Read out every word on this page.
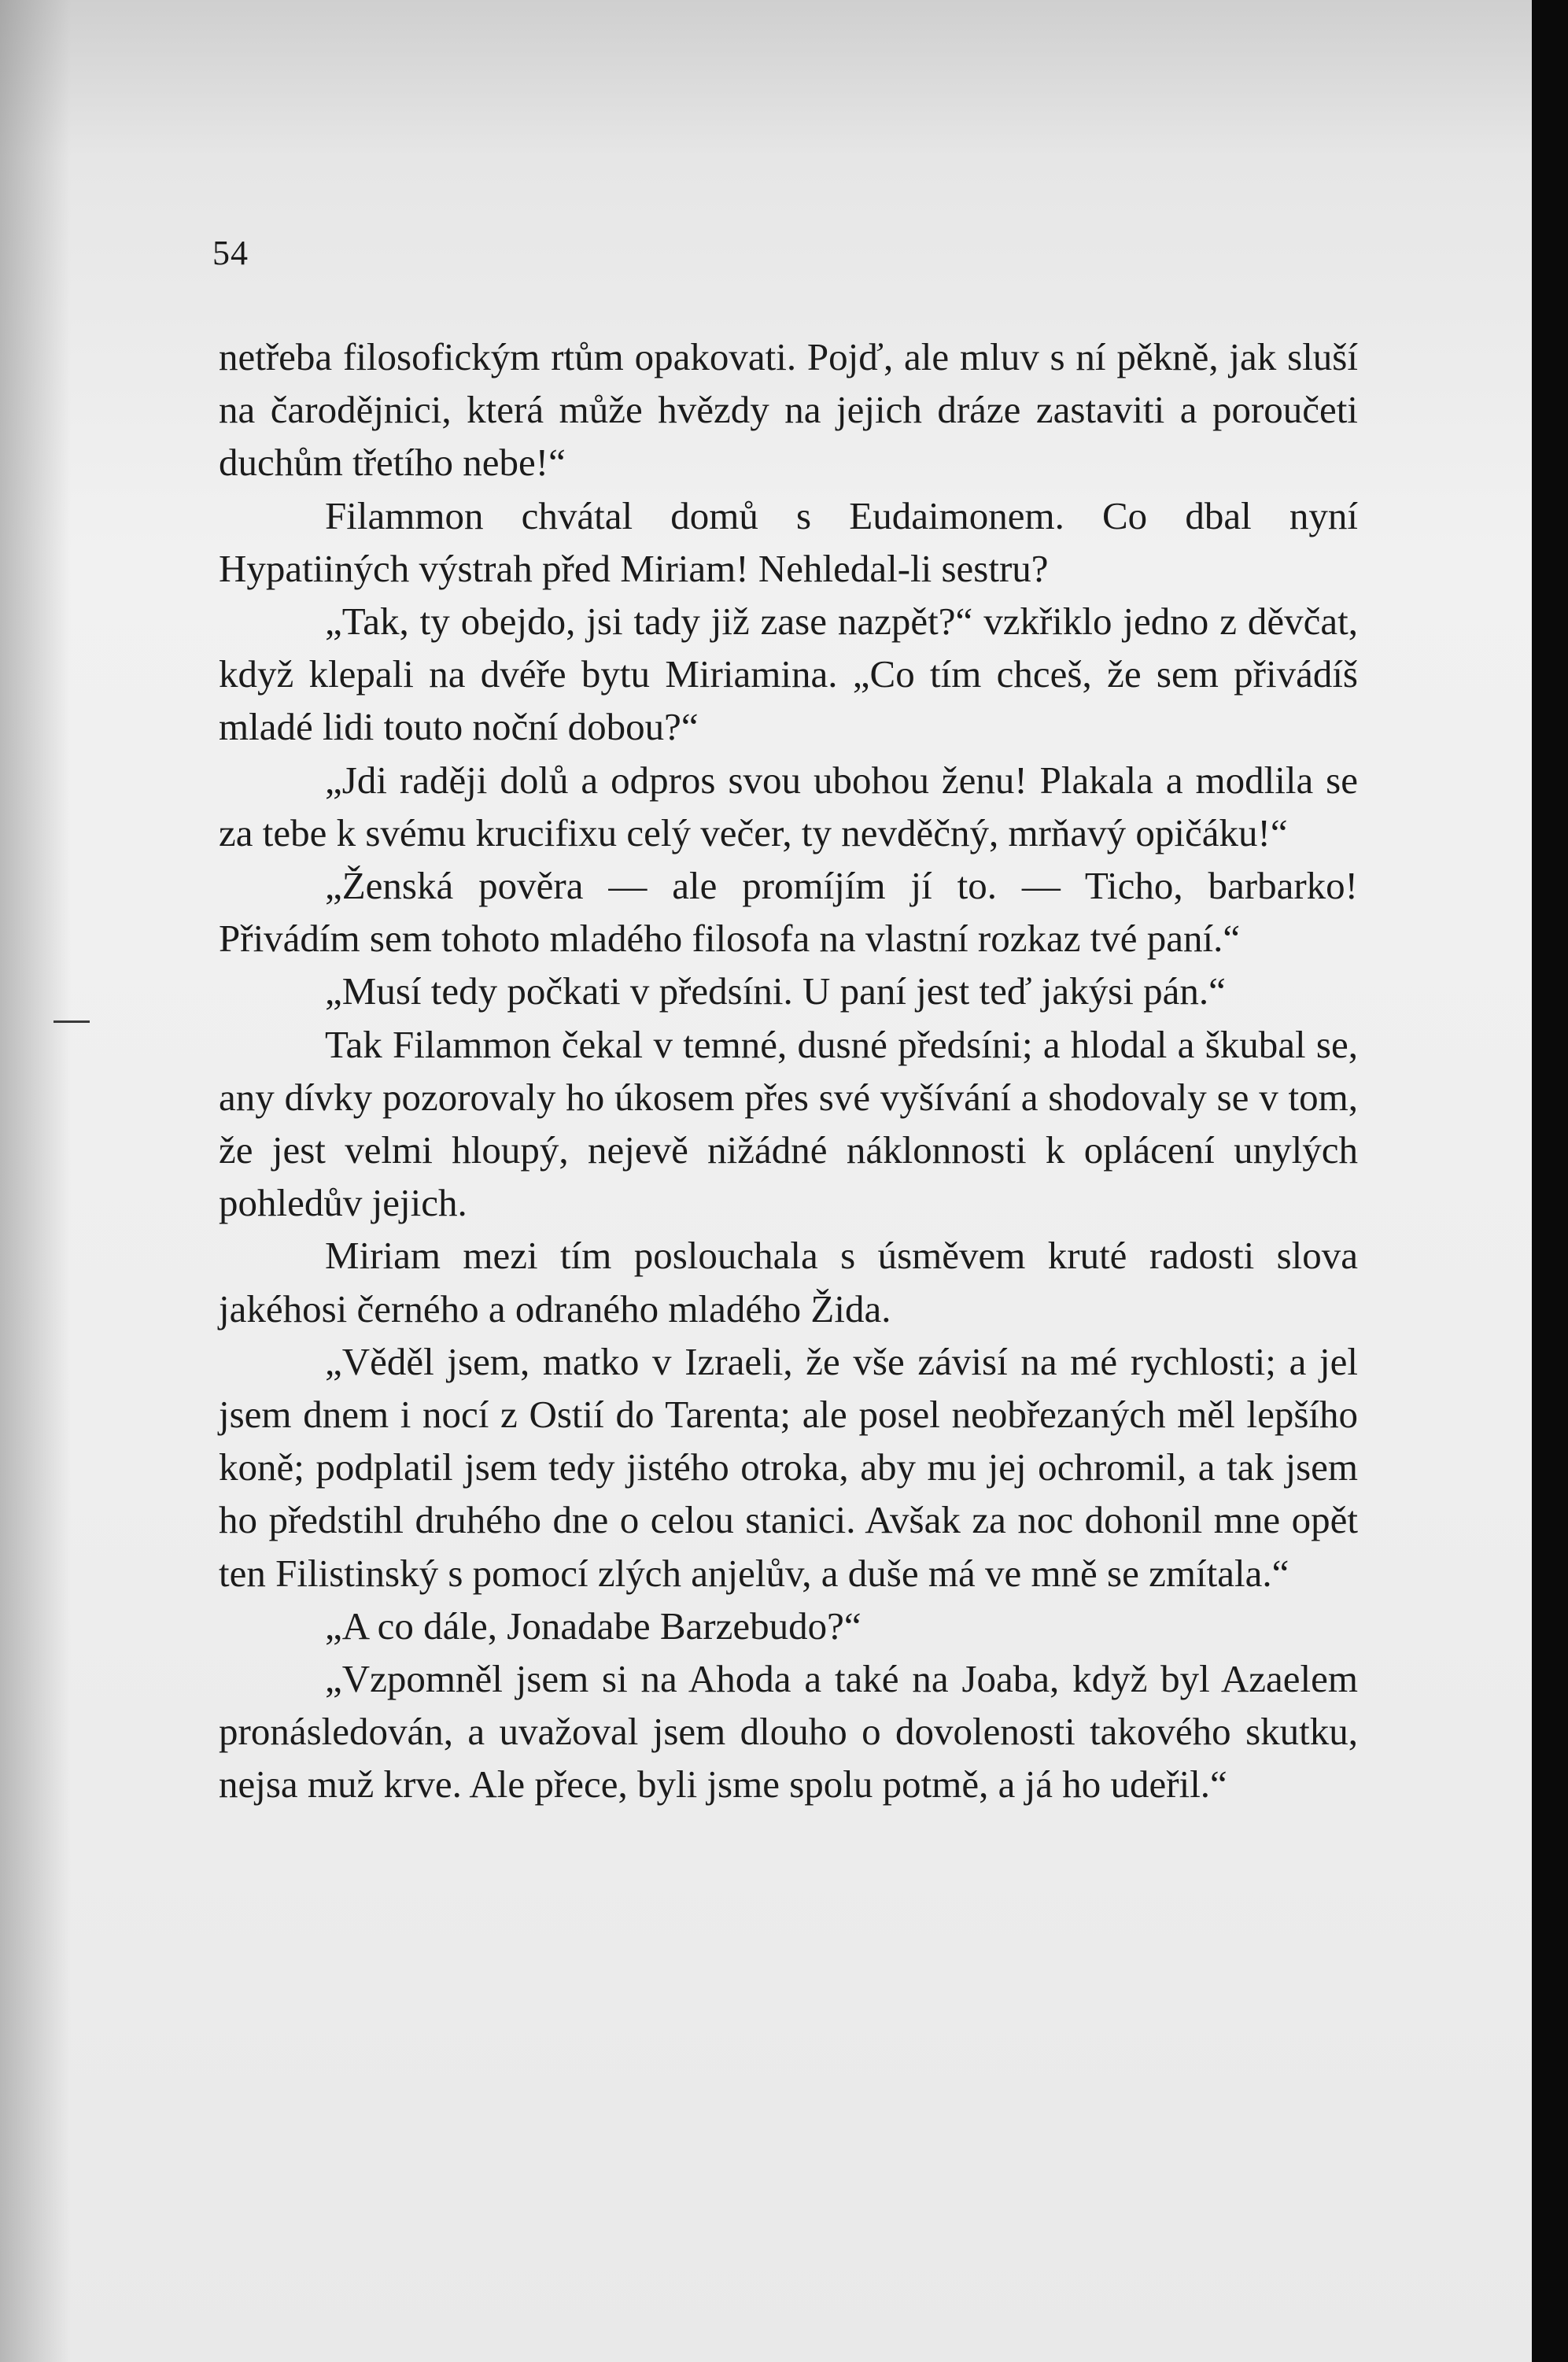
54

netřeba filosofickým rtům opakovati. Pojď, ale mluv s ní pěkně, jak sluší na čarodějnici, která může hvězdy na jejich dráze zastaviti a poroučeti duchům třetího nebe!“

Filammon chvátal domů s Eudaimonem. Co dbal nyní Hypatiiných výstrah před Miriam! Nehledal-li sestru?

„Tak, ty obejdo, jsi tady již zase nazpět?“ vzkřiklo jedno z děvčat, když klepali na dvéře bytu Miriamina. „Co tím chceš, že sem přivádíš mladé lidi touto noční dobou?“

„Jdi raději dolů a odpros svou ubohou ženu! Plakala a modlila se za tebe k svému krucifixu celý večer, ty nevděčný, mrňavý opičáku!“

„Ženská pověra — ale promíjím jí to. — Ticho, barbarko! Přivádím sem tohoto mladého filosofa na vlastní rozkaz tvé paní.“

„Musí tedy počkati v předsíni. U paní jest teď jakýsi pán.“

Tak Filammon čekal v temné, dusné předsíni; a hlodal a škubal se, any dívky pozorovaly ho úkosem přes své vyšívání a shodovaly se v tom, že jest velmi hloupý, nejevě nižádné náklonnosti k oplácení unylých pohledův jejich.

Miriam mezi tím poslouchala s úsměvem kruté radosti slova jakéhosi černého a odraného mladého Žida.

„Věděl jsem, matko v Izraeli, že vše závisí na mé rychlosti; a jel jsem dnem i nocí z Ostií do Tarenta; ale posel neobřezaných měl lepšího koně; podplatil jsem tedy jistého otroka, aby mu jej ochromil, a tak jsem ho předstihl druhého dne o celou stanici. Avšak za noc dohonil mne opět ten Filistinský s pomocí zlých anjelův, a duše má ve mně se zmítala.“

„A co dále, Jonadabe Barzebudo?“

„Vzpomněl jsem si na Ahoda a také na Joaba, když byl Azaelem pronásledován, a uvažoval jsem dlouho o dovolenosti takového skutku, nejsa muž krve. Ale přece, byli jsme spolu potmě, a já ho udeřil.“
